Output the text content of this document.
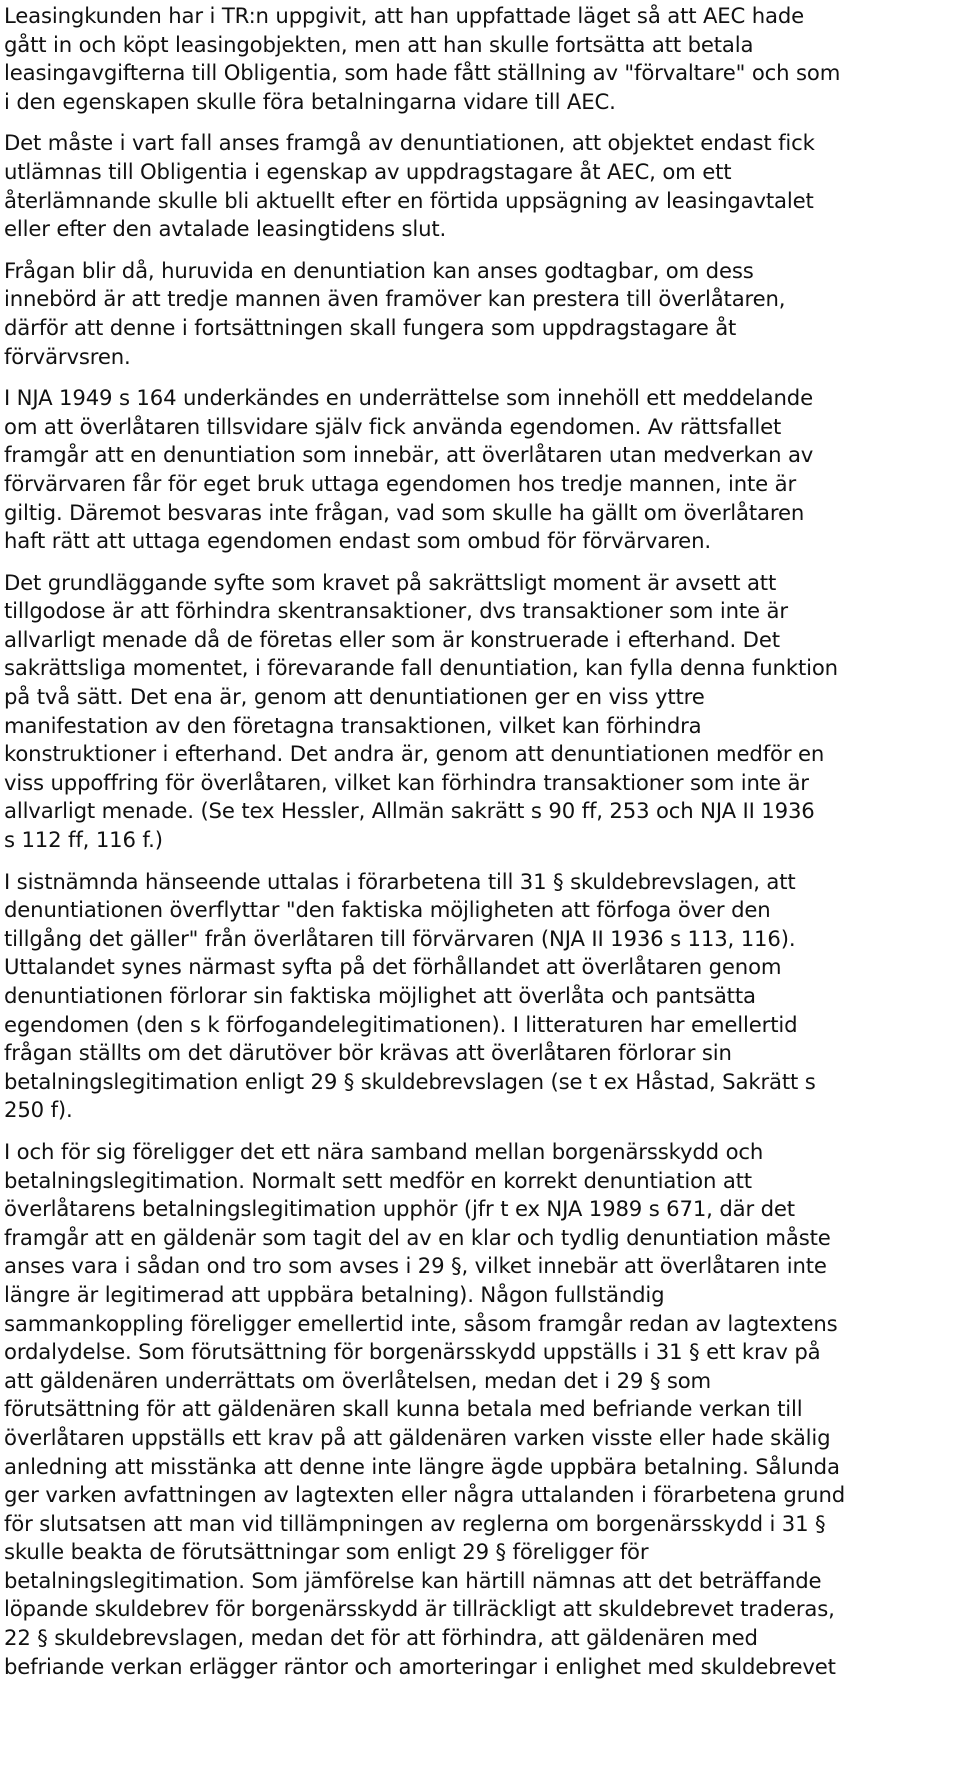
Leasingkunden har i TR:n uppgivit, att han uppfattade läget så att AEC hade
gått in och köpt leasingobjekten, men att han skulle fortsätta att betala
leasingavgifterna till Obligentia, som hade fått ställning av "förvaltare" och som
i den egenskapen skulle föra betalningarna vidare till AEC.

Det måste i vart fall anses framgå av denuntiationen, att objektet endast fick
utlämnas till Obligentia i egenskap av uppdragstagare åt AEC, om ett
återlämnande skulle bli aktuellt efter en förtida uppsägning av leasingavtalet
eller efter den avtalade leasingtidens slut.

Frågan blir då, huruvida en denuntiation kan anses godtagbar, om dess
innebörd är att tredje mannen även framöver kan prestera till överlåtaren,
därför att denne i fortsättningen skall fungera som uppdragstagare åt
förvärvsren.

I NJA 1949 s 164 underkändes en underrättelse som innehöll ett meddelande
om att överlåtaren tillsvidare själv fick använda egendomen. Av rättsfallet
framgår att en denuntiation som innebär, att överlåtaren utan medverkan av
förvärvaren får för eget bruk uttaga egendomen hos tredje mannen, inte är
giltig. Däremot besvaras inte frågan, vad som skulle ha gällt om överlåtaren
haft rätt att uttaga egendomen endast som ombud för förvärvaren.

Det grundläggande syfte som kravet på sakrättsligt moment är avsett att
tillgodose är att förhindra skentransaktioner, dvs transaktioner som inte är
allvarligt menade då de företas eller som är konstruerade i efterhand. Det
sakrättsliga momentet, i förevarande fall denuntiation, kan fylla denna funktion
på två sätt. Det ena är, genom att denuntiationen ger en viss yttre
manifestation av den företagna transaktionen, vilket kan förhindra
konstruktioner i efterhand. Det andra är, genom att denuntiationen medför en
viss uppoffring för överlåtaren, vilket kan förhindra transaktioner som inte är
allvarligt menade. (Se tex Hessler, Allmän sakrätt s 90 ff, 253 och NJA II 1936
s 112 ff, 116 f.)

I sistnämnda hänseende uttalas i förarbetena till 31 § skuldebrevslagen, att
denuntiationen överflyttar "den faktiska möjligheten att förfoga över den
tillgång det gäller" från överlåtaren till förvärvaren (NJA II 1936 s 113, 116).
Uttalandet synes närmast syfta på det förhållandet att överlåtaren genom
denuntiationen förlorar sin faktiska möjlighet att överlåta och pantsätta
egendomen (den s k förfogandelegitimationen). I litteraturen har emellertid
frågan ställts om det därutöver bör krävas att överlåtaren förlorar sin
betalningslegitimation enligt 29 § skuldebrevslagen (se t ex Håstad, Sakrätt s
250 f).

I och för sig föreligger det ett nära samband mellan borgenärsskydd och
betalningslegitimation. Normalt sett medför en korrekt denuntiation att
överlåtarens betalningslegitimation upphör (jfr t ex NJA 1989 s 671, där det
framgår att en gäldenär som tagit del av en klar och tydlig denuntiation måste
anses vara i sådan ond tro som avses i 29 §, vilket innebär att överlåtaren inte
längre är legitimerad att uppbära betalning). Någon fullständig
sammankoppling föreligger emellertid inte, såsom framgår redan av lagtextens
ordalydelse. Som förutsättning för borgenärsskydd uppställs i 31 § ett krav på
att gäldenären underrättats om överlåtelsen, medan det i 29 § som
förutsättning för att gäldenären skall kunna betala med befriande verkan till
överlåtaren uppställs ett krav på att gäldenären varken visste eller hade skälig
anledning att misstänka att denne inte längre ägde uppbära betalning. Sålunda
ger varken avfattningen av lagtexten eller några uttalanden i förarbetena grund
för slutsatsen att man vid tillämpningen av reglerna om borgenärsskydd i 31 §
skulle beakta de förutsättningar som enligt 29 § föreligger för
betalningslegitimation. Som jämförelse kan härtill nämnas att det beträffande
löpande skuldebrev för borgenärsskydd är tillräckligt att skuldebrevet traderas,
22 § skuldebrevslagen, medan det för att förhindra, att gäldenären med
befriande verkan erlägger räntor och amorteringar i enlighet med skuldebrevet
